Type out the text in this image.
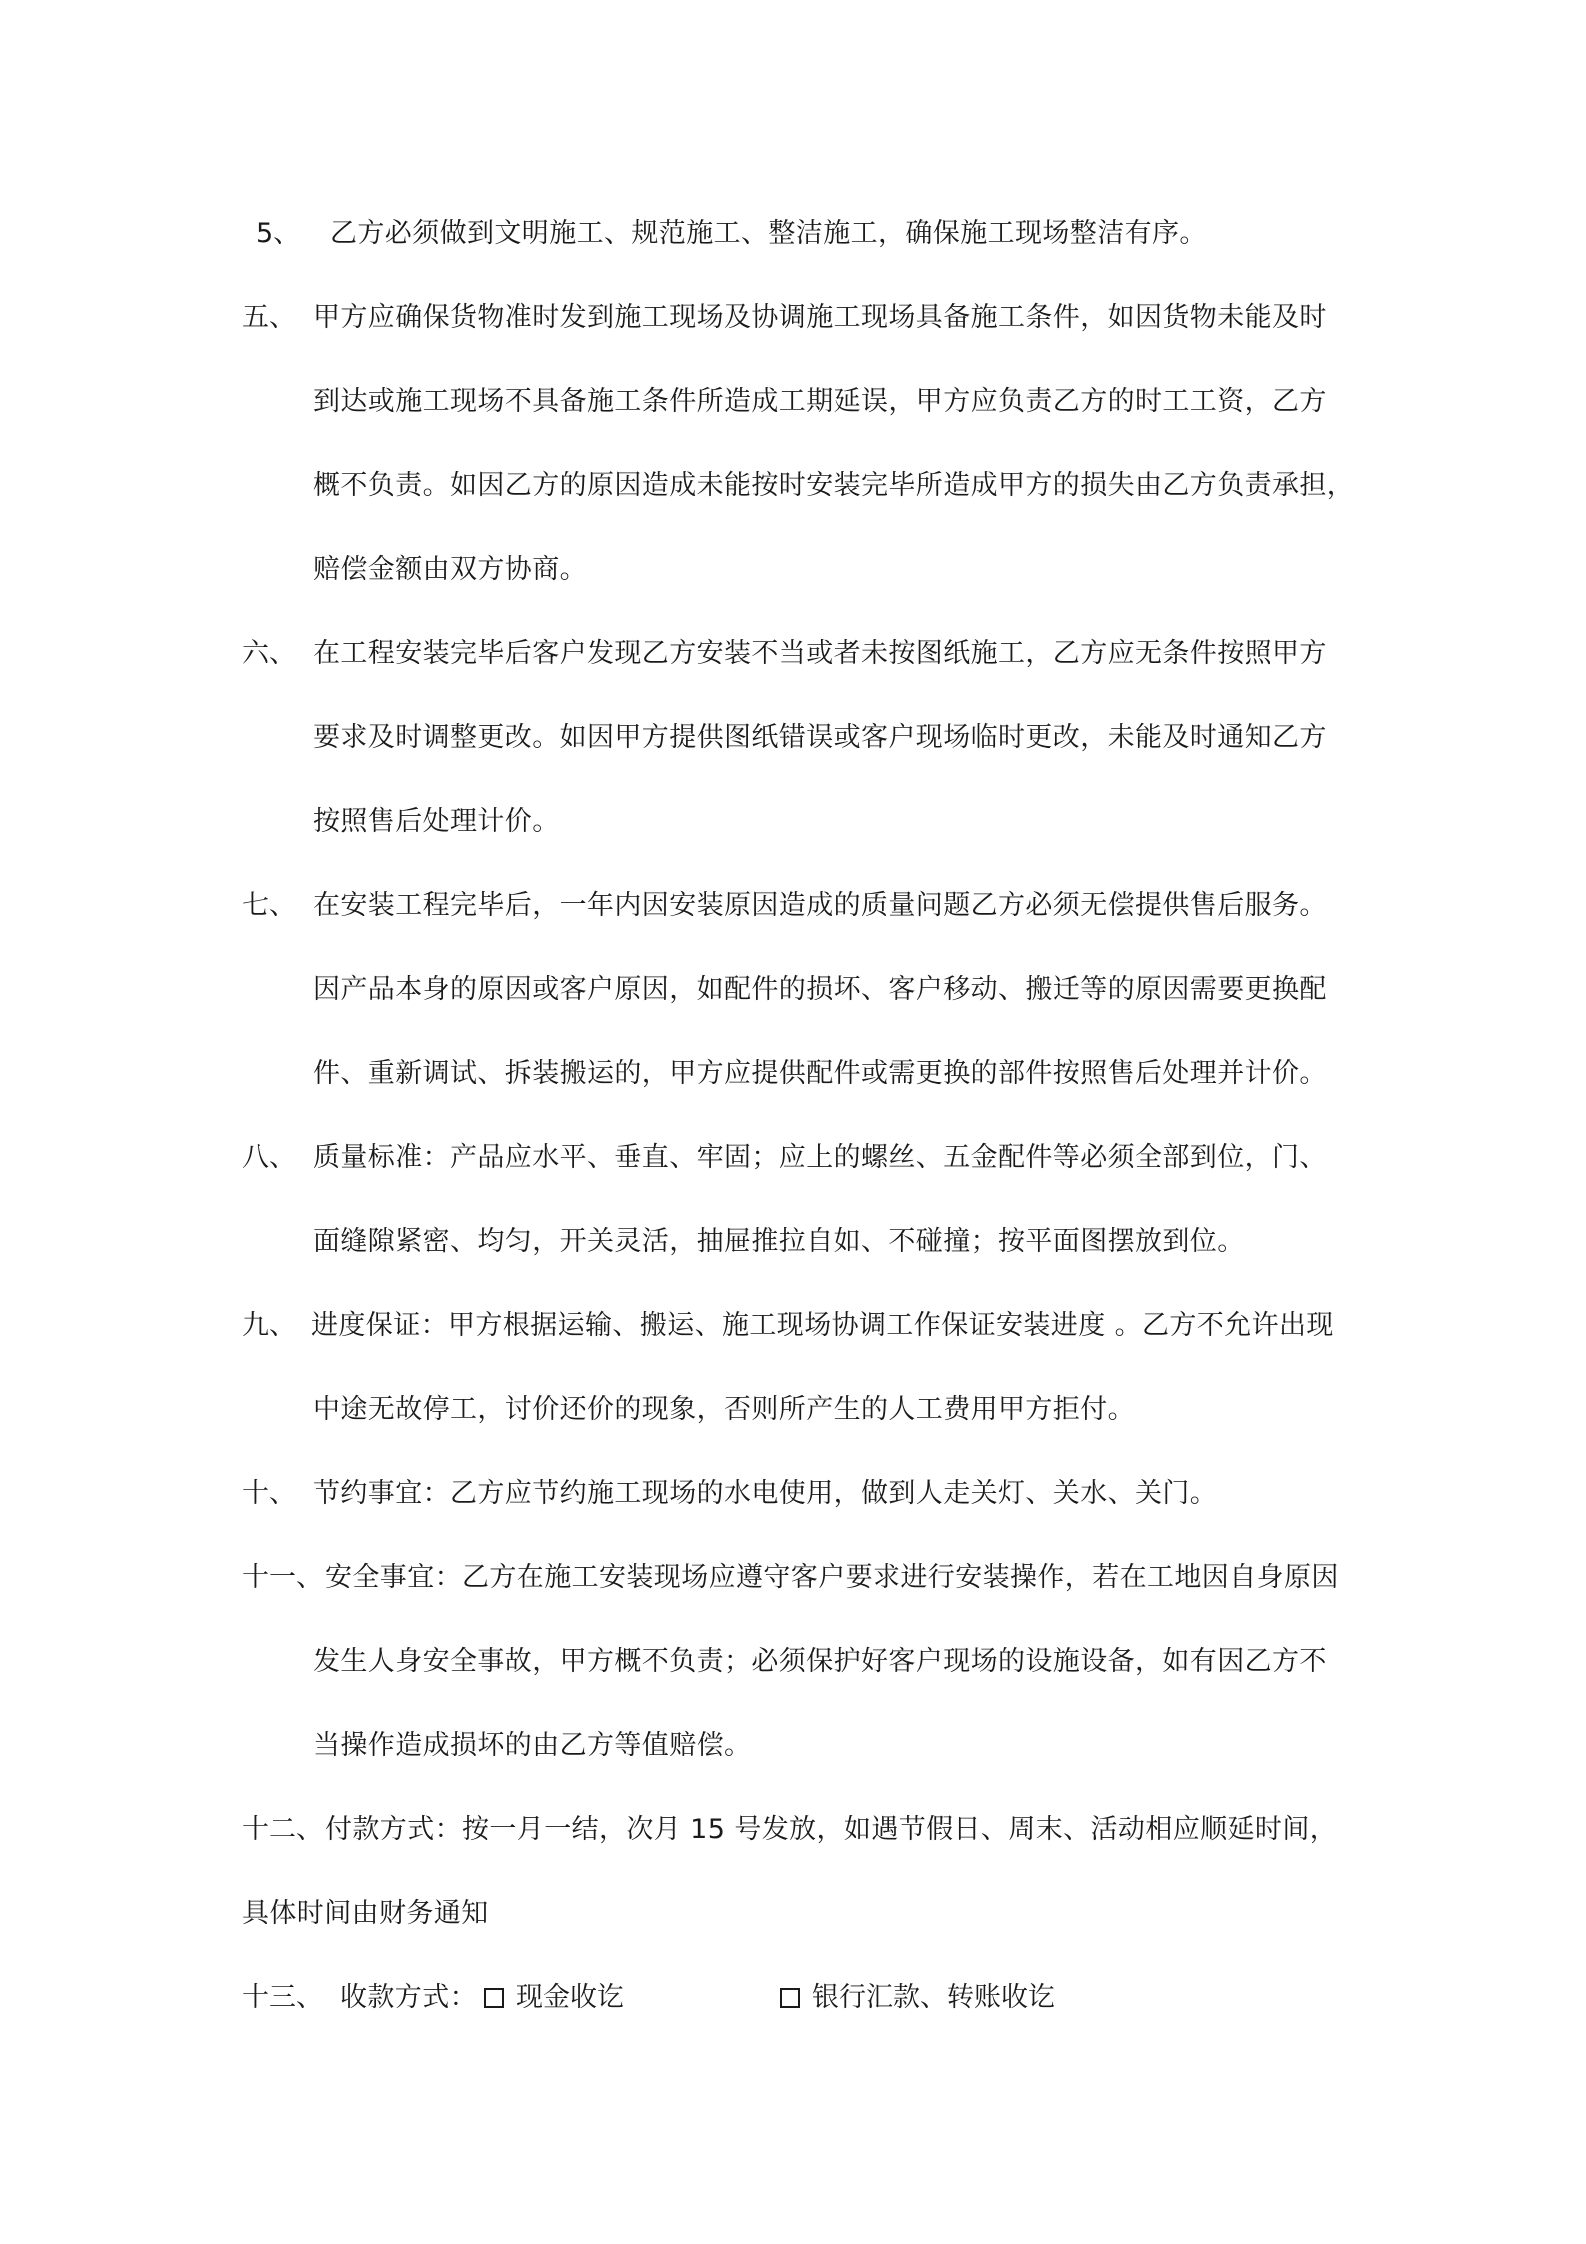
5、 乙方必须做到文明施工、规范施工、整洁施工，确保施工现场整洁有序。
五、 甲方应确保货物准时发到施工现场及协调施工现场具备施工条件，如因货物未能及时
到达或施工现场不具备施工条件所造成工期延误，甲方应负责乙方的时工工资，乙方
概不负责。如因乙方的原因造成未能按时安装完毕所造成甲方的损失由乙方负责承担，
赔偿金额由双方协商。
六、 在工程安装完毕后客户发现乙方安装不当或者未按图纸施工，乙方应无条件按照甲方
要求及时调整更改。如因甲方提供图纸错误或客户现场临时更改，未能及时通知乙方
按照售后处理计价。
七、 在安装工程完毕后，一年内因安装原因造成的质量问题乙方必须无偿提供售后服务。
因产品本身的原因或客户原因，如配件的损坏、客户移动、搬迁等的原因需要更换配
件、重新调试、拆装搬运的，甲方应提供配件或需更换的部件按照售后处理并计价。
八、 质量标准：产品应水平、垂直、牢固；应上的螺丝、五金配件等必须全部到位，门、
面缝隙紧密、均匀，开关灵活，抽屉推拉自如、不碰撞；按平面图摆放到位。
九、 进度保证：甲方根据运输、搬运、施工现场协调工作保证安装进度 。乙方不允许出现
中途无故停工，讨价还价的现象，否则所产生的人工费用甲方拒付。
十、 节约事宜：乙方应节约施工现场的水电使用，做到人走关灯、关水、关门。
十一、 安全事宜：乙方在施工安装现场应遵守客户要求进行安装操作，若在工地因自身原因
发生人身安全事故，甲方概不负责；必须保护好客户现场的设施设备，如有因乙方不
当操作造成损坏的由乙方等值赔偿。
十二、 付款方式：按一月一结，次月 15 号发放，如遇节假日、周末、活动相应顺延时间，
具体时间由财务通知
十三、 收款方式：	现金收讫	银行汇款、转账收讫
